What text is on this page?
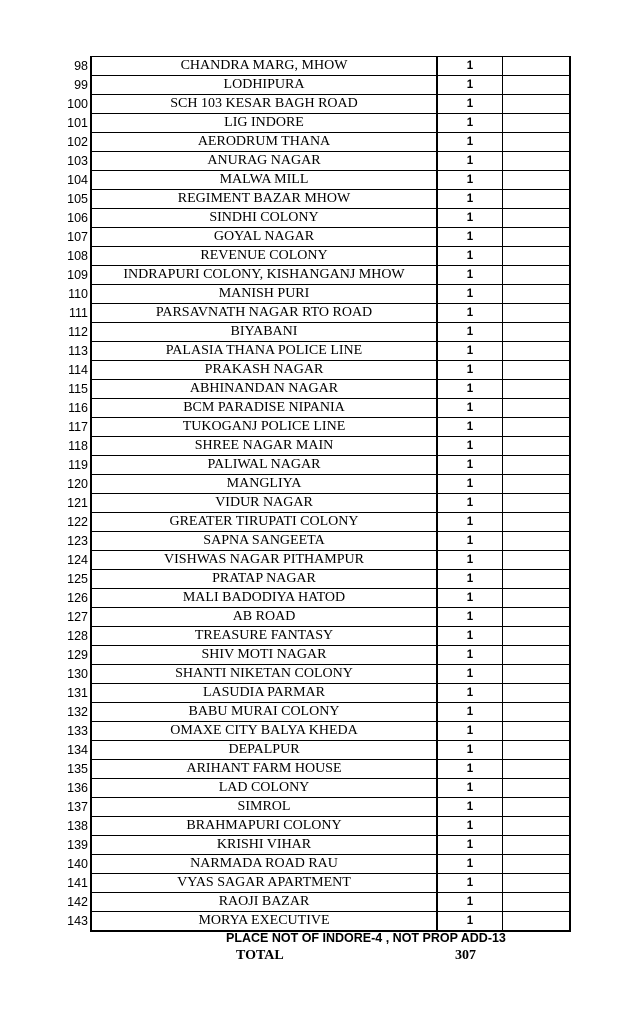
98	CHANDRA MARG, MHOW	1	
99	LODHIPURA	1	
100	SCH 103 KESAR BAGH ROAD	1	
101	LIG INDORE	1	
102	AERODRUM THANA	1	
103	ANURAG NAGAR	1	
104	MALWA MILL	1	
105	REGIMENT BAZAR MHOW	1	
106	SINDHI COLONY	1	
107	GOYAL NAGAR	1	
108	REVENUE COLONY	1	
109	INDRAPURI COLONY, KISHANGANJ MHOW	1	
110	MANISH PURI	1	
111	PARSAVNATH NAGAR RTO ROAD	1	
112	BIYABANI	1	
113	PALASIA THANA POLICE LINE	1	
114	PRAKASH NAGAR	1	
115	ABHINANDAN NAGAR	1	
116	BCM PARADISE NIPANIA	1	
117	TUKOGANJ POLICE LINE	1	
118	SHREE NAGAR MAIN	1	
119	PALIWAL NAGAR	1	
120	MANGLIYA	1	
121	VIDUR NAGAR	1	
122	GREATER TIRUPATI COLONY	1	
123	SAPNA SANGEETA	1	
124	VISHWAS NAGAR PITHAMPUR	1	
125	PRATAP NAGAR	1	
126	MALI BADODIYA HATOD	1	
127	AB ROAD	1	
128	TREASURE FANTASY	1	
129	SHIV MOTI NAGAR	1	
130	SHANTI NIKETAN COLONY	1	
131	LASUDIA PARMAR	1	
132	BABU MURAI COLONY	1	
133	OMAXE CITY BALYA KHEDA	1	
134	DEPALPUR	1	
135	ARIHANT FARM HOUSE	1	
136	LAD COLONY	1	
137	SIMROL	1	
138	BRAHMAPURI COLONY	1	
139	KRISHI VIHAR	1	
140	NARMADA ROAD RAU	1	
141	VYAS SAGAR APARTMENT	1	
142	RAOJI BAZAR	1	
143	MORYA EXECUTIVE	1	
PLACE NOT OF INDORE-4 , NOT PROP ADD-13
TOTAL	307
